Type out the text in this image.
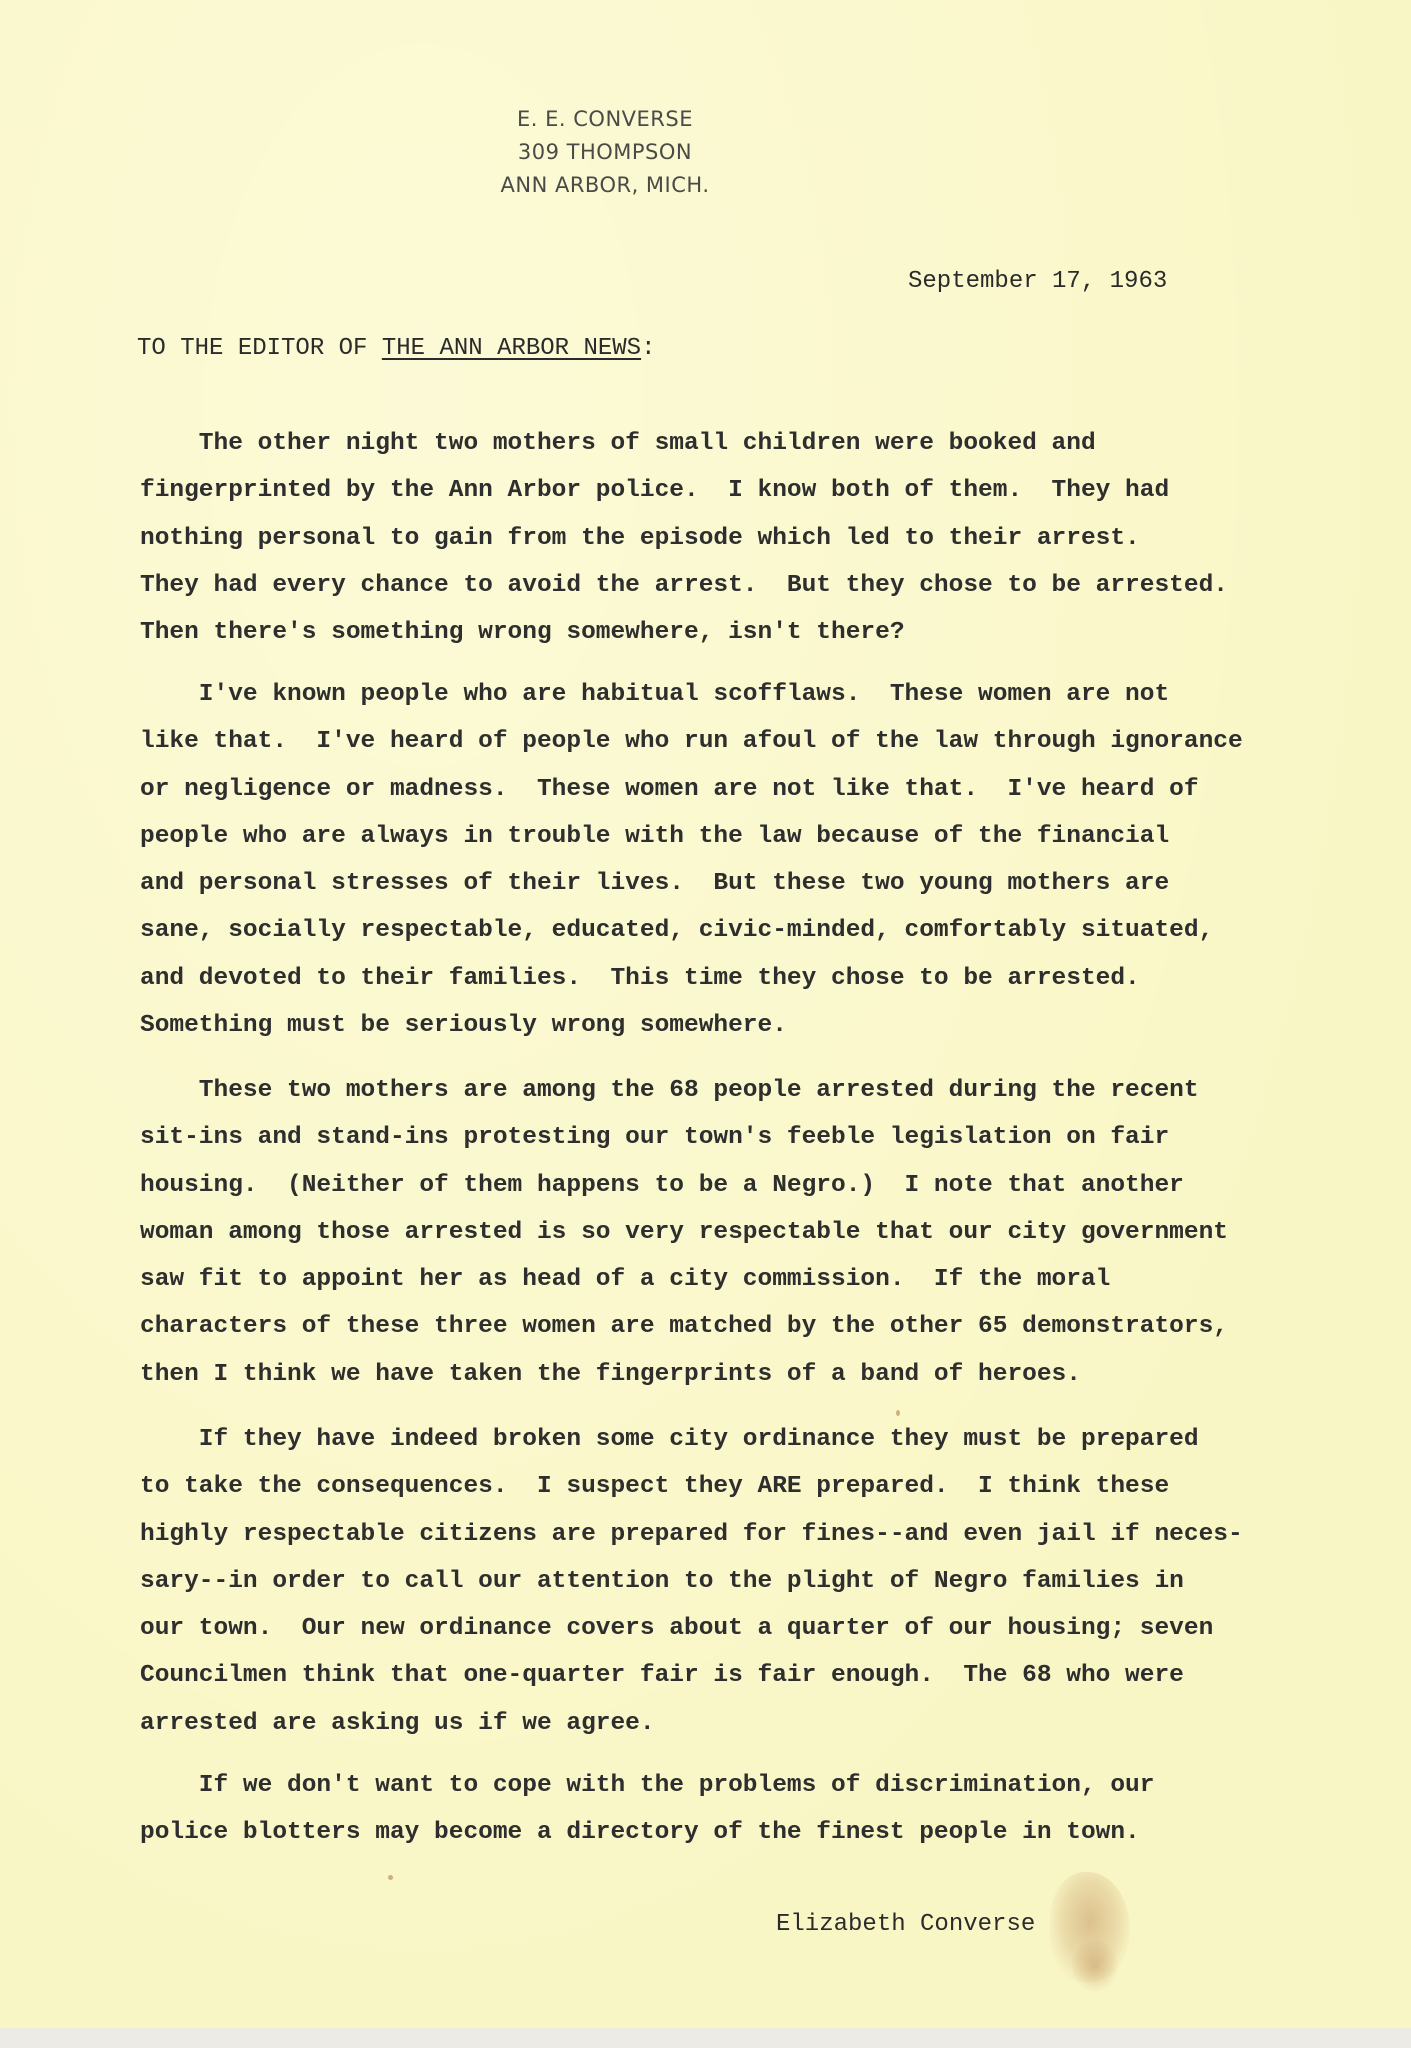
E. E. CONVERSE
309 THOMPSON
ANN ARBOR, MICH.
September 17, 1963
TO THE EDITOR OF THE ANN ARBOR NEWS:
The other night two mothers of small children were booked and
fingerprinted by the Ann Arbor police.  I know both of them.  They had
nothing personal to gain from the episode which led to their arrest.
They had every chance to avoid the arrest.  But they chose to be arrested.
Then there's something wrong somewhere, isn't there?
I've known people who are habitual scofflaws.  These women are not
like that.  I've heard of people who run afoul of the law through ignorance
or negligence or madness.  These women are not like that.  I've heard of
people who are always in trouble with the law because of the financial
and personal stresses of their lives.  But these two young mothers are
sane, socially respectable, educated, civic-minded, comfortably situated,
and devoted to their families.  This time they chose to be arrested.
Something must be seriously wrong somewhere.
These two mothers are among the 68 people arrested during the recent
sit-ins and stand-ins protesting our town's feeble legislation on fair
housing.  (Neither of them happens to be a Negro.)  I note that another
woman among those arrested is so very respectable that our city government
saw fit to appoint her as head of a city commission.  If the moral
characters of these three women are matched by the other 65 demonstrators,
then I think we have taken the fingerprints of a band of heroes.
If they have indeed broken some city ordinance they must be prepared
to take the consequences.  I suspect they ARE prepared.  I think these
highly respectable citizens are prepared for fines--and even jail if neces-
sary--in order to call our attention to the plight of Negro families in
our town.  Our new ordinance covers about a quarter of our housing; seven
Councilmen think that one-quarter fair is fair enough.  The 68 who were
arrested are asking us if we agree.
If we don't want to cope with the problems of discrimination, our
police blotters may become a directory of the finest people in town.
Elizabeth Converse
